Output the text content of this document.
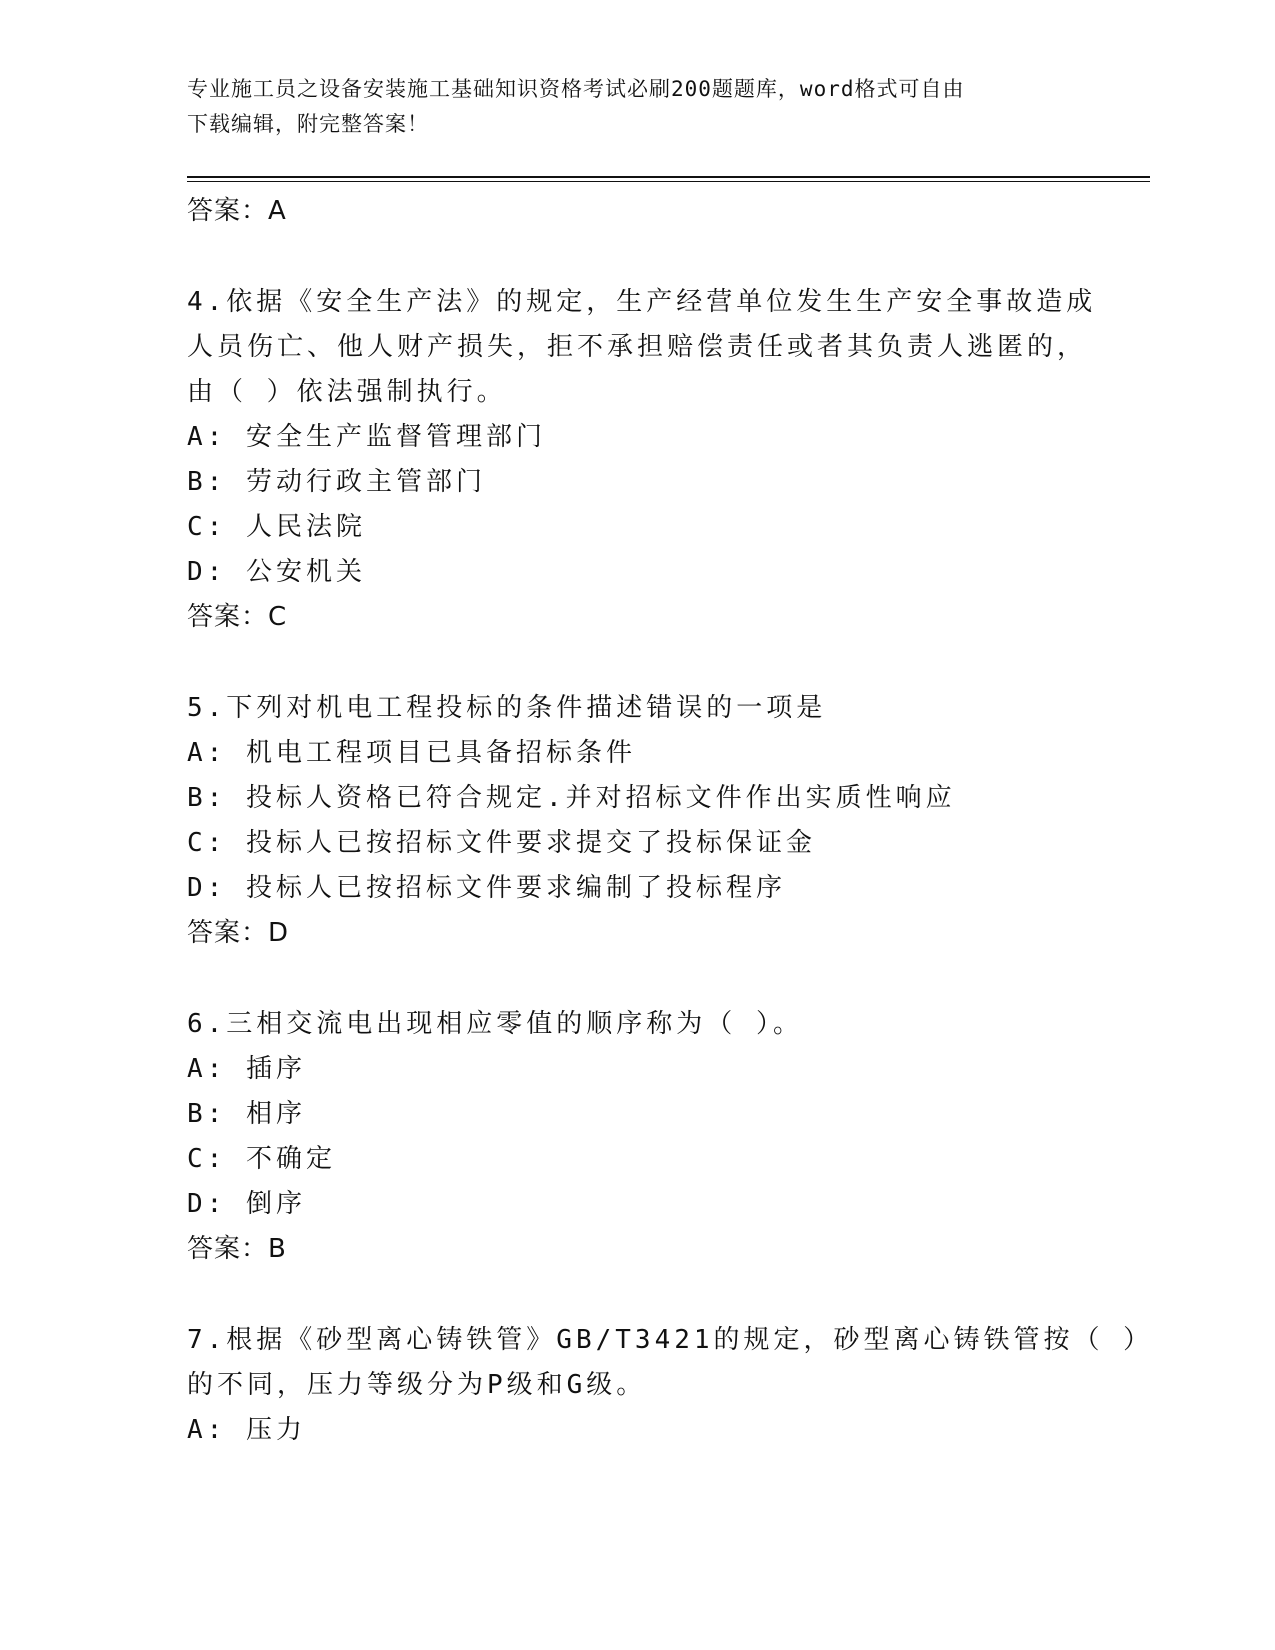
专业施工员之设备安装施工基础知识资格考试必刷200题题库，word格式可自由
下载编辑，附完整答案！
答案：A
4.依据《安全生产法》的规定，生产经营单位发生生产安全事故造成
人员伤亡、他人财产损失，拒不承担赔偿责任或者其负责人逃匿的，
由（ ）依法强制执行。
A: 安全生产监督管理部门
B: 劳动行政主管部门
C: 人民法院
D: 公安机关
答案：C
5.下列对机电工程投标的条件描述错误的一项是
A: 机电工程项目已具备招标条件
B: 投标人资格已符合规定.并对招标文件作出实质性响应
C: 投标人已按招标文件要求提交了投标保证金
D: 投标人已按招标文件要求编制了投标程序
答案：D
6.三相交流电出现相应零值的顺序称为（ ）。
A: 插序
B: 相序
C: 不确定
D: 倒序
答案：B
7.根据《砂型离心铸铁管》GB/T3421的规定，砂型离心铸铁管按（ ）
的不同，压力等级分为P级和G级。
A: 压力
